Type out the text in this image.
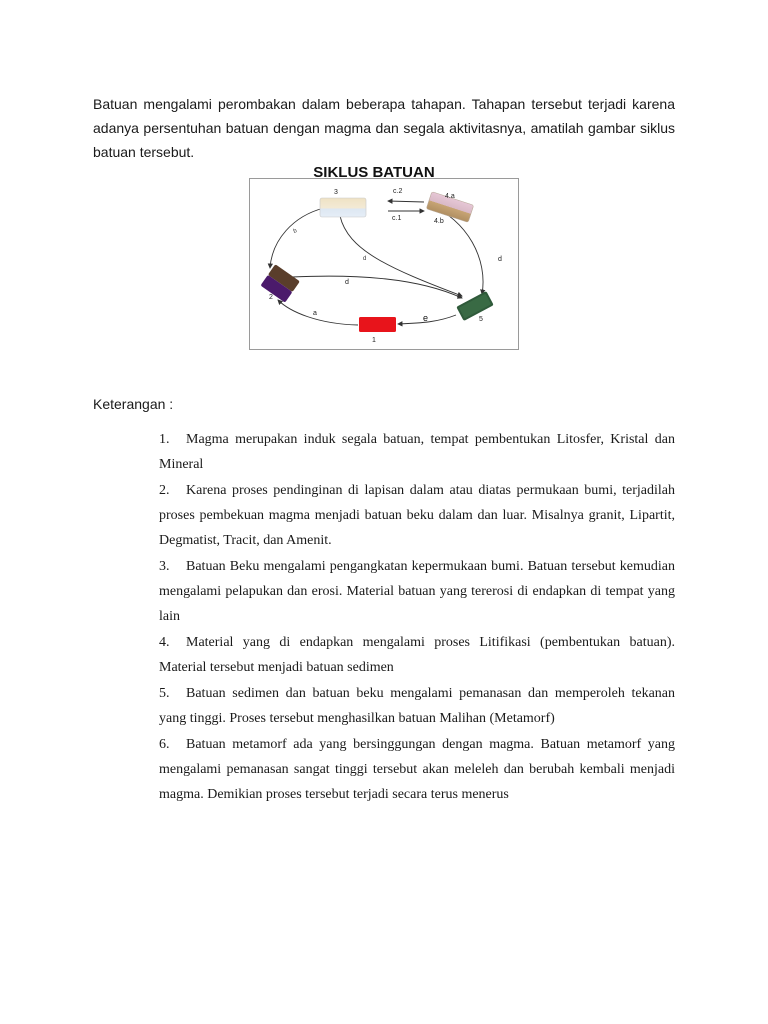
Batuan mengalami perombakan dalam beberapa tahapan. Tahapan tersebut terjadi karena adanya persentuhan batuan dengan magma dan segala aktivitasnya, amatilah gambar siklus batuan tersebut.

SIKLUS BATUAN
3
4.a
4.b
2
5
1
b
c.2
c.1
d
d
d
e
a

Keterangan :

1. Magma merupakan induk segala batuan, tempat pembentukan Litosfer, Kristal dan Mineral
2. Karena proses pendinginan di lapisan dalam atau diatas permukaan bumi, terjadilah proses pembekuan magma menjadi batuan beku dalam dan luar. Misalnya granit, Lipartit, Degmatist, Tracit, dan Amenit.
3. Batuan Beku mengalami pengangkatan kepermukaan bumi. Batuan tersebut kemudian mengalami pelapukan dan erosi. Material batuan yang tererosi di endapkan di tempat yang lain
4. Material yang di endapkan mengalami proses Litifikasi (pembentukan batuan). Material tersebut menjadi batuan sedimen
5. Batuan sedimen dan batuan beku mengalami pemanasan dan memperoleh tekanan yang tinggi. Proses tersebut menghasilkan batuan Malihan (Metamorf)
6. Batuan metamorf ada yang bersinggungan dengan magma. Batuan metamorf yang mengalami pemanasan sangat tinggi tersebut akan meleleh dan berubah kembali menjadi magma. Demikian proses tersebut terjadi secara terus menerus
